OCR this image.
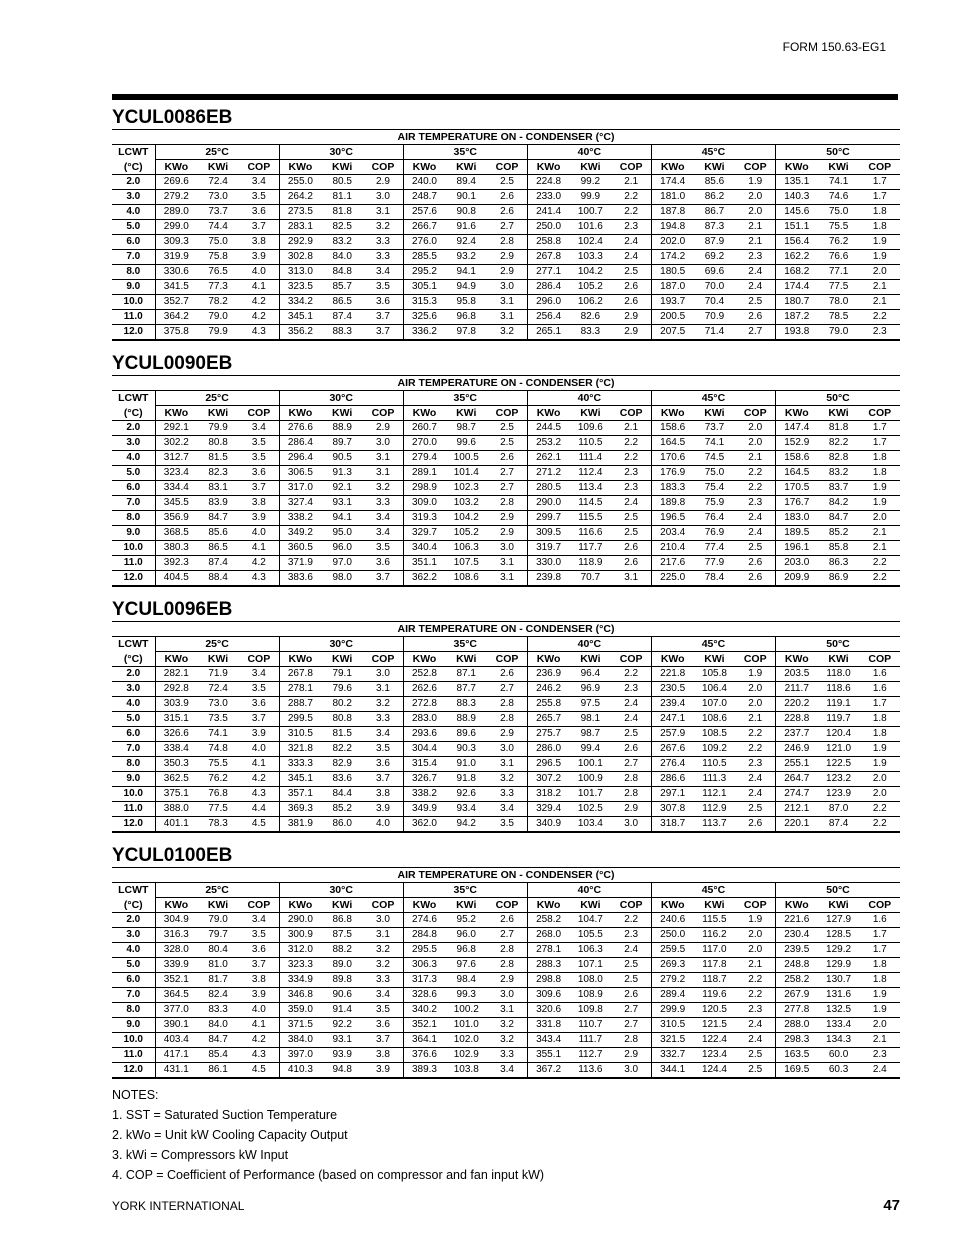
FORM 150.63-EG1
YCUL0086EB
AIR TEMPERATURE ON - CONDENSER (°C)																		
LCWT	25°C			30°C			35°C			40°C			45°C			50°C		
(°C)	KWo	KWi	COP	KWo	KWi	COP	KWo	KWi	COP	KWo	KWi	COP	KWo	KWi	COP	KWo	KWi	COP
2.0	269.6	72.4	3.4	255.0	80.5	2.9	240.0	89.4	2.5	224.8	99.2	2.1	174.4	85.6	1.9	135.1	74.1	1.7
3.0	279.2	73.0	3.5	264.2	81.1	3.0	248.7	90.1	2.6	233.0	99.9	2.2	181.0	86.2	2.0	140.3	74.6	1.7
4.0	289.0	73.7	3.6	273.5	81.8	3.1	257.6	90.8	2.6	241.4	100.7	2.2	187.8	86.7	2.0	145.6	75.0	1.8
5.0	299.0	74.4	3.7	283.1	82.5	3.2	266.7	91.6	2.7	250.0	101.6	2.3	194.8	87.3	2.1	151.1	75.5	1.8
6.0	309.3	75.0	3.8	292.9	83.2	3.3	276.0	92.4	2.8	258.8	102.4	2.4	202.0	87.9	2.1	156.4	76.2	1.9
7.0	319.9	75.8	3.9	302.8	84.0	3.3	285.5	93.2	2.9	267.8	103.3	2.4	174.2	69.2	2.3	162.2	76.6	1.9
8.0	330.6	76.5	4.0	313.0	84.8	3.4	295.2	94.1	2.9	277.1	104.2	2.5	180.5	69.6	2.4	168.2	77.1	2.0
9.0	341.5	77.3	4.1	323.5	85.7	3.5	305.1	94.9	3.0	286.4	105.2	2.6	187.0	70.0	2.4	174.4	77.5	2.1
10.0	352.7	78.2	4.2	334.2	86.5	3.6	315.3	95.8	3.1	296.0	106.2	2.6	193.7	70.4	2.5	180.7	78.0	2.1
11.0	364.2	79.0	4.2	345.1	87.4	3.7	325.6	96.8	3.1	256.4	82.6	2.9	200.5	70.9	2.6	187.2	78.5	2.2
12.0	375.8	79.9	4.3	356.2	88.3	3.7	336.2	97.8	3.2	265.1	83.3	2.9	207.5	71.4	2.7	193.8	79.0	2.3
YCUL0090EB
AIR TEMPERATURE ON - CONDENSER (°C)																		
LCWT	25°C			30°C			35°C			40°C			45°C			50°C		
(°C)	KWo	KWi	COP	KWo	KWi	COP	KWo	KWi	COP	KWo	KWi	COP	KWo	KWi	COP	KWo	KWi	COP
2.0	292.1	79.9	3.4	276.6	88.9	2.9	260.7	98.7	2.5	244.5	109.6	2.1	158.6	73.7	2.0	147.4	81.8	1.7
3.0	302.2	80.8	3.5	286.4	89.7	3.0	270.0	99.6	2.5	253.2	110.5	2.2	164.5	74.1	2.0	152.9	82.2	1.7
4.0	312.7	81.5	3.5	296.4	90.5	3.1	279.4	100.5	2.6	262.1	111.4	2.2	170.6	74.5	2.1	158.6	82.8	1.8
5.0	323.4	82.3	3.6	306.5	91.3	3.1	289.1	101.4	2.7	271.2	112.4	2.3	176.9	75.0	2.2	164.5	83.2	1.8
6.0	334.4	83.1	3.7	317.0	92.1	3.2	298.9	102.3	2.7	280.5	113.4	2.3	183.3	75.4	2.2	170.5	83.7	1.9
7.0	345.5	83.9	3.8	327.4	93.1	3.3	309.0	103.2	2.8	290.0	114.5	2.4	189.8	75.9	2.3	176.7	84.2	1.9
8.0	356.9	84.7	3.9	338.2	94.1	3.4	319.3	104.2	2.9	299.7	115.5	2.5	196.5	76.4	2.4	183.0	84.7	2.0
9.0	368.5	85.6	4.0	349.2	95.0	3.4	329.7	105.2	2.9	309.5	116.6	2.5	203.4	76.9	2.4	189.5	85.2	2.1
10.0	380.3	86.5	4.1	360.5	96.0	3.5	340.4	106.3	3.0	319.7	117.7	2.6	210.4	77.4	2.5	196.1	85.8	2.1
11.0	392.3	87.4	4.2	371.9	97.0	3.6	351.1	107.5	3.1	330.0	118.9	2.6	217.6	77.9	2.6	203.0	86.3	2.2
12.0	404.5	88.4	4.3	383.6	98.0	3.7	362.2	108.6	3.1	239.8	70.7	3.1	225.0	78.4	2.6	209.9	86.9	2.2
YCUL0096EB
AIR TEMPERATURE ON - CONDENSER (°C)																		
LCWT	25°C			30°C			35°C			40°C			45°C			50°C		
(°C)	KWo	KWi	COP	KWo	KWi	COP	KWo	KWi	COP	KWo	KWi	COP	KWo	KWi	COP	KWo	KWi	COP
2.0	282.1	71.9	3.4	267.8	79.1	3.0	252.8	87.1	2.6	236.9	96.4	2.2	221.8	105.8	1.9	203.5	118.0	1.6
3.0	292.8	72.4	3.5	278.1	79.6	3.1	262.6	87.7	2.7	246.2	96.9	2.3	230.5	106.4	2.0	211.7	118.6	1.6
4.0	303.9	73.0	3.6	288.7	80.2	3.2	272.8	88.3	2.8	255.8	97.5	2.4	239.4	107.0	2.0	220.2	119.1	1.7
5.0	315.1	73.5	3.7	299.5	80.8	3.3	283.0	88.9	2.8	265.7	98.1	2.4	247.1	108.6	2.1	228.8	119.7	1.8
6.0	326.6	74.1	3.9	310.5	81.5	3.4	293.6	89.6	2.9	275.7	98.7	2.5	257.9	108.5	2.2	237.7	120.4	1.8
7.0	338.4	74.8	4.0	321.8	82.2	3.5	304.4	90.3	3.0	286.0	99.4	2.6	267.6	109.2	2.2	246.9	121.0	1.9
8.0	350.3	75.5	4.1	333.3	82.9	3.6	315.4	91.0	3.1	296.5	100.1	2.7	276.4	110.5	2.3	255.1	122.5	1.9
9.0	362.5	76.2	4.2	345.1	83.6	3.7	326.7	91.8	3.2	307.2	100.9	2.8	286.6	111.3	2.4	264.7	123.2	2.0
10.0	375.1	76.8	4.3	357.1	84.4	3.8	338.2	92.6	3.3	318.2	101.7	2.8	297.1	112.1	2.4	274.7	123.9	2.0
11.0	388.0	77.5	4.4	369.3	85.2	3.9	349.9	93.4	3.4	329.4	102.5	2.9	307.8	112.9	2.5	212.1	87.0	2.2
12.0	401.1	78.3	4.5	381.9	86.0	4.0	362.0	94.2	3.5	340.9	103.4	3.0	318.7	113.7	2.6	220.1	87.4	2.2
YCUL0100EB
AIR TEMPERATURE ON - CONDENSER (°C)																		
LCWT	25°C			30°C			35°C			40°C			45°C			50°C		
(°C)	KWo	KWi	COP	KWo	KWi	COP	KWo	KWi	COP	KWo	KWi	COP	KWo	KWi	COP	KWo	KWi	COP
2.0	304.9	79.0	3.4	290.0	86.8	3.0	274.6	95.2	2.6	258.2	104.7	2.2	240.6	115.5	1.9	221.6	127.9	1.6
3.0	316.3	79.7	3.5	300.9	87.5	3.1	284.8	96.0	2.7	268.0	105.5	2.3	250.0	116.2	2.0	230.4	128.5	1.7
4.0	328.0	80.4	3.6	312.0	88.2	3.2	295.5	96.8	2.8	278.1	106.3	2.4	259.5	117.0	2.0	239.5	129.2	1.7
5.0	339.9	81.0	3.7	323.3	89.0	3.2	306.3	97.6	2.8	288.3	107.1	2.5	269.3	117.8	2.1	248.8	129.9	1.8
6.0	352.1	81.7	3.8	334.9	89.8	3.3	317.3	98.4	2.9	298.8	108.0	2.5	279.2	118.7	2.2	258.2	130.7	1.8
7.0	364.5	82.4	3.9	346.8	90.6	3.4	328.6	99.3	3.0	309.6	108.9	2.6	289.4	119.6	2.2	267.9	131.6	1.9
8.0	377.0	83.3	4.0	359.0	91.4	3.5	340.2	100.2	3.1	320.6	109.8	2.7	299.9	120.5	2.3	277.8	132.5	1.9
9.0	390.1	84.0	4.1	371.5	92.2	3.6	352.1	101.0	3.2	331.8	110.7	2.7	310.5	121.5	2.4	288.0	133.4	2.0
10.0	403.4	84.7	4.2	384.0	93.1	3.7	364.1	102.0	3.2	343.4	111.7	2.8	321.5	122.4	2.4	298.3	134.3	2.1
11.0	417.1	85.4	4.3	397.0	93.9	3.8	376.6	102.9	3.3	355.1	112.7	2.9	332.7	123.4	2.5	163.5	60.0	2.3
12.0	431.1	86.1	4.5	410.3	94.8	3.9	389.3	103.8	3.4	367.2	113.6	3.0	344.1	124.4	2.5	169.5	60.3	2.4
NOTES:
1. SST = Saturated Suction Temperature
2. kWo = Unit kW Cooling Capacity Output
3. kWi = Compressors kW Input
4. COP = Coefficient of Performance (based on compressor and fan input kW)
YORK INTERNATIONAL	47
